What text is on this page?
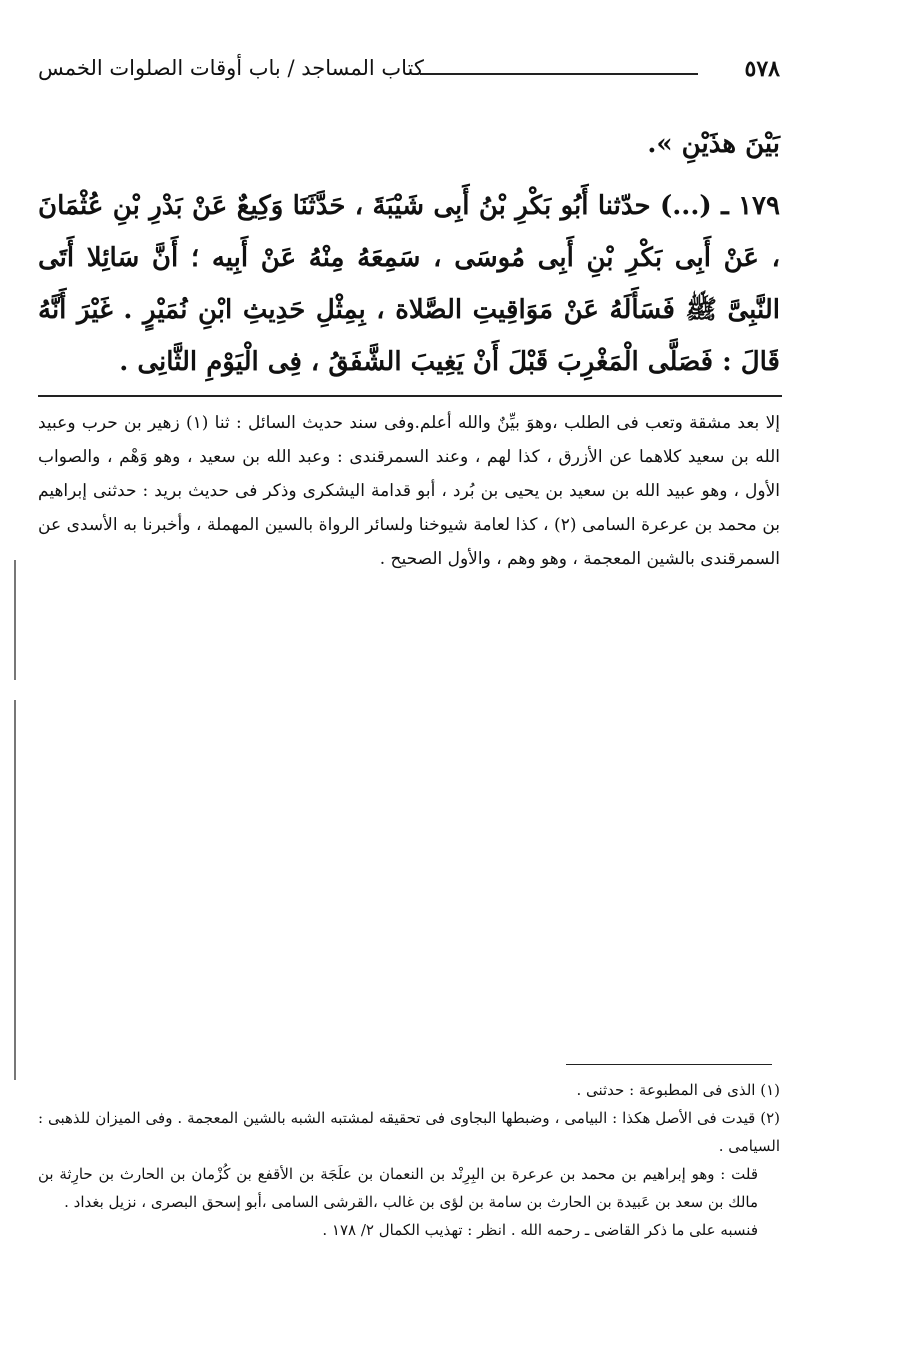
٥٧٨
كتاب المساجد / باب أوقات الصلوات الخمس

بَيْنَ هذَيْنِ ».

١٧٩ ـ (...) حدّثنا أَبُو بَكْرِ بْنُ أَبِى شَيْبَةَ ، حَدَّثَنَا وَكِيعٌ عَنْ بَدْرِ بْنِ عُثْمَانَ ، عَنْ أَبِى بَكْرِ بْنِ أَبِى مُوسَى ، سَمِعَهُ مِنْهُ عَنْ أَبِيه ؛ أَنَّ سَائِلا أَتَى النَّبِىَّ ﷺ فَسَأَلَهُ عَنْ مَوَاقِيتِ الصَّلاة ، بِمِثْلِ حَدِيثِ ابْنِ نُمَيْرٍ . غَيْرَ أَنَّهُ قَالَ : فَصَلَّى الْمَغْرِبَ قَبْلَ أَنْ يَغِيبَ الشَّفَقُ ، فِى الْيَوْمِ الثَّانِى .

إلا بعد مشقة وتعب فى الطلب ،وهوَ بيِّنٌ والله أعلم.وفى سند حديث السائل : ثنا (١) زهير بن حرب وعبيد الله بن سعيد كلاهما عن الأزرق ، كذا لهم ، وعند السمرقندى : وعبد الله بن سعيد ، وهو وَهْم ، والصواب الأول ، وهو عبيد الله بن سعيد بن يحيى بن بُرد ، أبو قدامة اليشكرى وذكر فى حديث بريد : حدثنى إبراهيم بن محمد بن عرعرة السامى (٢) ، كذا لعامة شيوخنا ولسائر الرواة بالسين المهملة ، وأخبرنا به الأسدى عن السمرقندى بالشين المعجمة ، وهو وهم ، والأول الصحيح .

(١) الذى فى المطبوعة : حدثنى .

(٢) قيدت فى الأصل هكذا : البيامى ، وضبطها البجاوى فى تحقيقه لمشتبه الشبه بالشين المعجمة . وفى الميزان للذهبى : السيامى .

قلت : وهو إبراهيم بن محمد بن عرعرة بن البِرِنْد بن النعمان بن علَجَة بن الأقفع بن كُزْمان بن الحارث بن حارِثة بن مالك بن سعد بن عَبيدة بن الحارث بن سامة بن لؤى بن غالب ،القرشى السامى ،أبو إسحق البصرى ، نزيل بغداد .

فنسبه على ما ذكر القاضى ـ رحمه الله . انظر : تهذيب الكمال ٢/ ١٧٨ .
